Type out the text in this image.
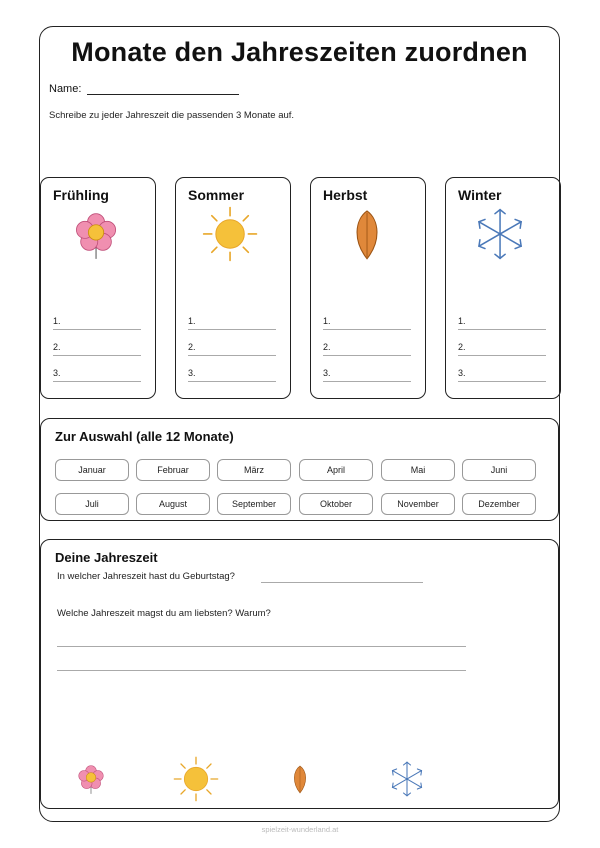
Monate den Jahreszeiten zuordnen
Name:
Schreibe zu jeder Jahreszeit die passenden 3 Monate auf.
Frühling
1.
2.
3.
Sommer
1.
2.
3.
Herbst
1.
2.
3.
Winter
1.
2.
3.
Zur Auswahl (alle 12 Monate)
Januar	Februar	März	April	Mai	Juni
Juli	August	September	Oktober	November	Dezember
Deine Jahreszeit
In welcher Jahreszeit hast du Geburtstag?
Welche Jahreszeit magst du am liebsten? Warum?
spielzeit-wunderland.at
